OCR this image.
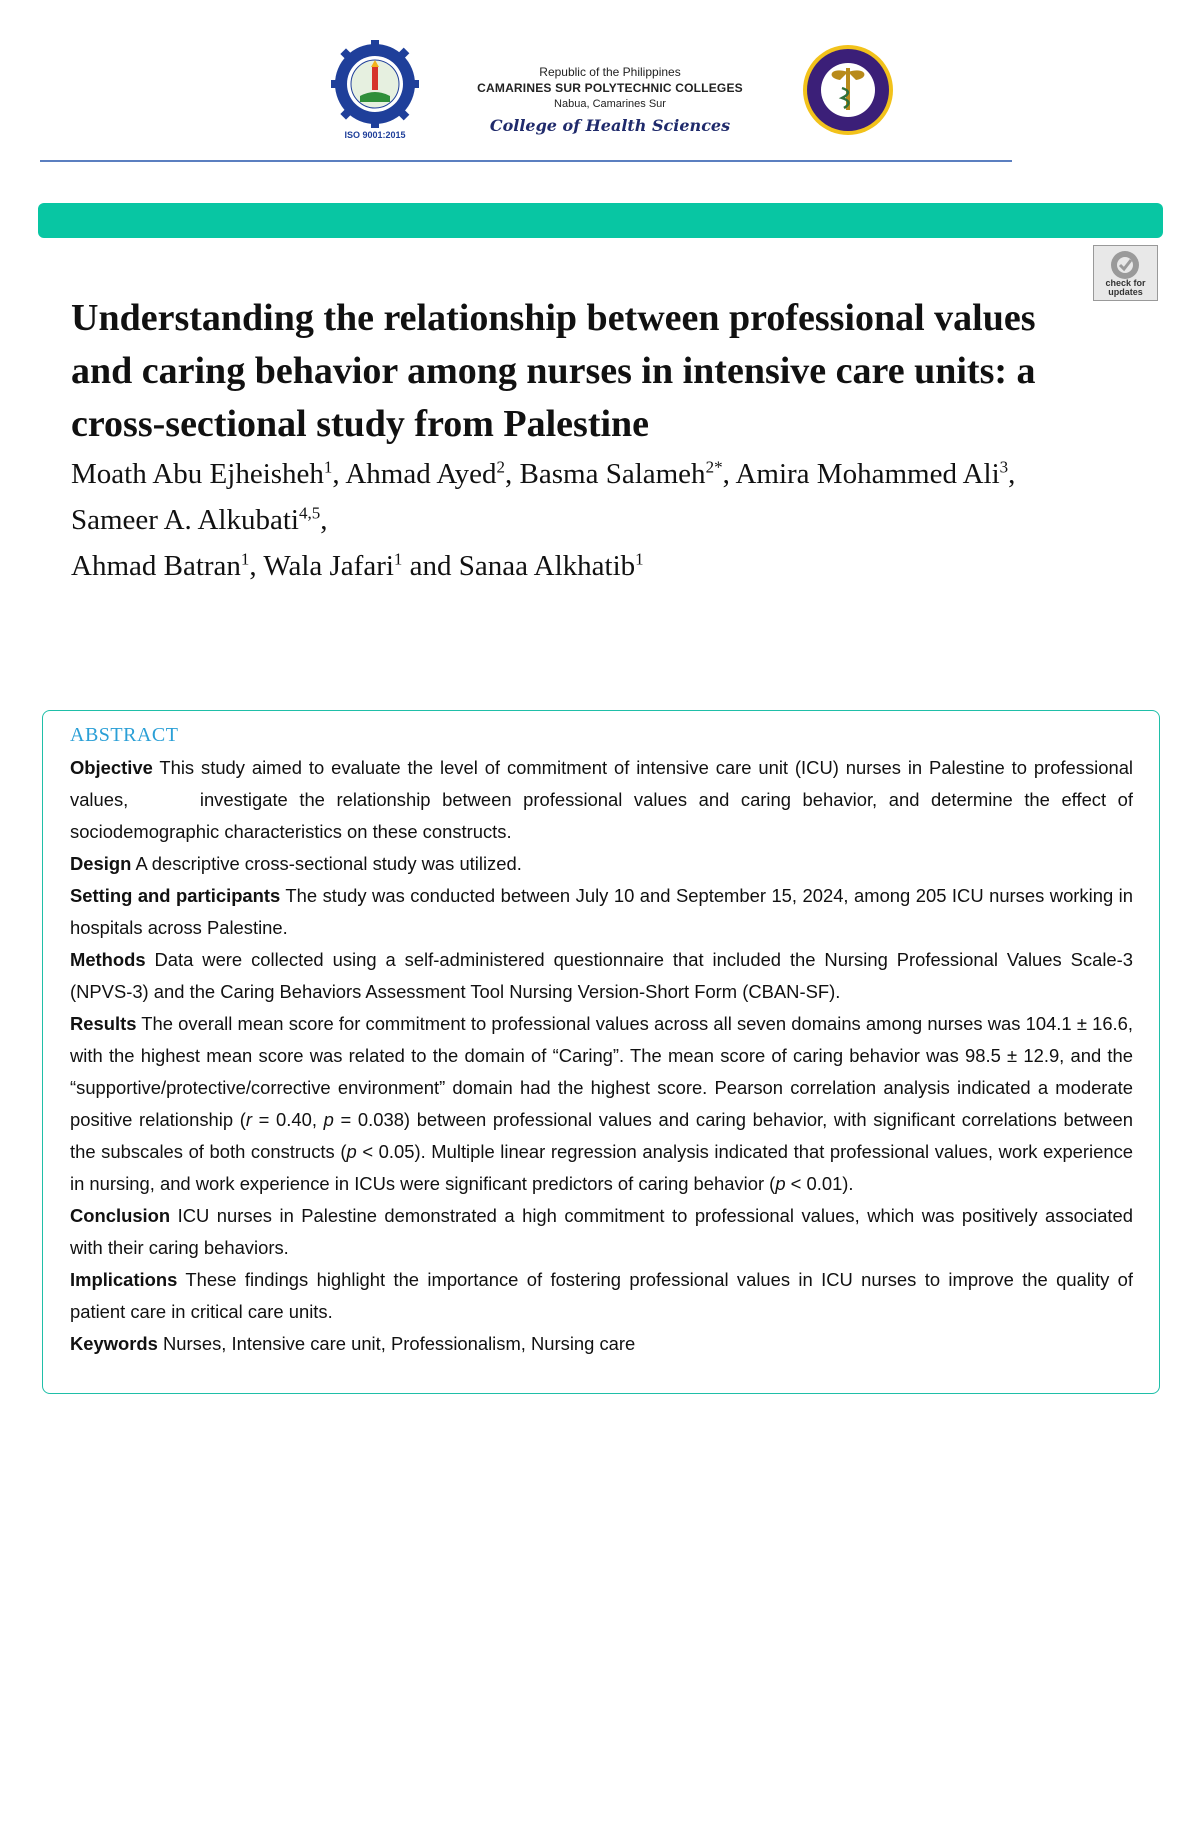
ISO 9001:2015
Republic of the Philippines
CAMARINES SUR POLYTECHNIC COLLEGES
Nabua, Camarines Sur
College of Health Sciences
check for updates
Understanding the relationship between professional values and caring behavior among nurses in intensive care units: a cross-sectional study from Palestine
Moath Abu Ejheisheh$^1$, Ahmad Ayed$^2$, Basma Salameh$^{2*}$, Amira Mohammed Ali$^3$, Sameer A. Alkubati$^{4,5}$,
Ahmad Batran$^1$, Wala Jafari$^1$ and Sanaa Alkhatib$^1$
ABSTRACT

Objective This study aimed to evaluate the level of commitment of intensive care unit (ICU) nurses in Palestine to professional values,	investigate the relationship between professional values and caring behavior, and determine the effect of sociodemographic characteristics on these constructs.

Design A descriptive cross-sectional study was utilized.

Setting and participants The study was conducted between July 10 and September 15, 2024, among 205 ICU nurses working in hospitals across Palestine.

Methods Data were collected using a self-administered questionnaire that included the Nursing Professional Values Scale-3 (NPVS-3) and the Caring Behaviors Assessment Tool Nursing Version-Short Form (CBAN-SF).

Results The overall mean score for commitment to professional values across all seven domains among nurses was 104.1 ± 16.6, with the highest mean score was related to the domain of “Caring”. The mean score of caring behavior was 98.5 ± 12.9, and the “supportive/protective/corrective environment” domain had the highest score. Pearson correlation analysis indicated a moderate positive relationship (r = 0.40, p = 0.038) between professional values and caring behavior, with significant correlations between the subscales of both constructs (p < 0.05). Multiple linear regression analysis indicated that professional values, work experience in nursing, and work experience in ICUs were significant predictors of caring behavior (p < 0.01).

Conclusion ICU nurses in Palestine demonstrated a high commitment to professional values, which was positively associated with their caring behaviors.

Implications These findings highlight the importance of fostering professional values in ICU nurses to improve the quality of patient care in critical care units.

Keywords Nurses, Intensive care unit, Professionalism, Nursing care
